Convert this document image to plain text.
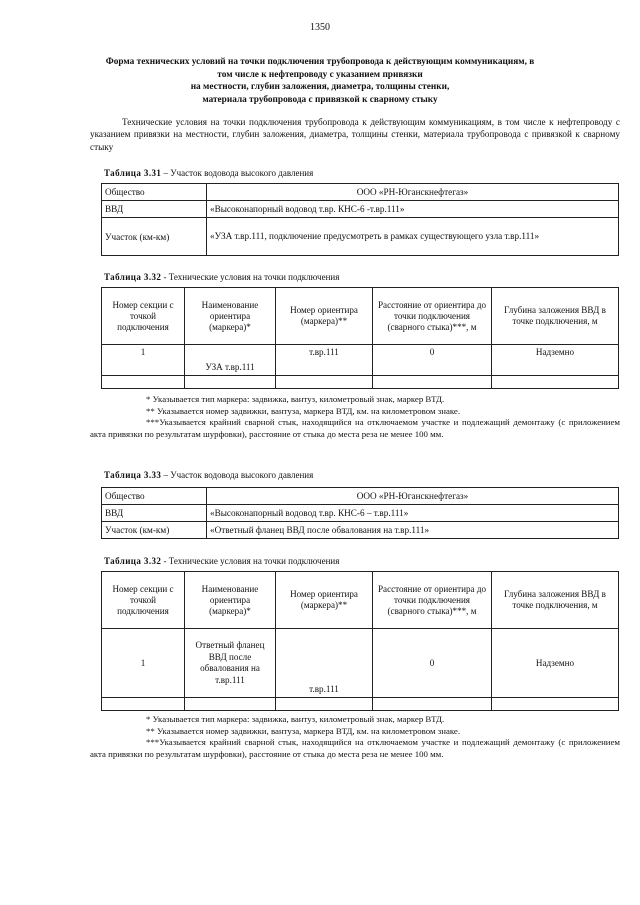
1350
Форма технических условий на точки подключения трубопровода к действующим коммуникациям, в
том числе к нефтепроводу с указанием привязки
на местности, глубин заложения, диаметра, толщины стенки,
материала трубопровода с привязкой к сварному стыку
Технические условия на точки подключения трубопровода к действующим коммуникациям, в том числе к нефтепроводу с указанием привязки на местности, глубин заложения, диаметра, толщины стенки, материала трубопровода с привязкой к сварному стыку
Таблица 3.31 – Участок водовода высокого давления
Общество	ООО «РН-Юганскнефтегаз»
ВВД	«Высоконапорный водовод т.вр. КНС-6 -т.вр.111»
Участок (км-км)	«УЗА т.вр.111, подключение предусмотреть в рамках существующего узла т.вр.111»
Таблица 3.32 - Технические условия на точки подключения
Номер секции с точкой подключения	Наименование ориентира (маркера)*	Номер ориентира (маркера)**	Расстояние от ориентира до точки подключения (сварного стыка)***, м	Глубина заложения ВВД в точке подключения, м
1	УЗА т.вр.111	т.вр.111	0	Надземно

* Указывается тип маркера: задвижка, вантуз, километровый знак, маркер ВТД.
** Указывается номер задвижки, вантуза, маркера ВТД, км. на километровом знаке.
***Указывается крайний сварной стык, находящийся на отключаемом участке и подлежащий демонтажу (с приложением акта привязки по результатам шурфовки), расстояние от стыка до места реза не менее 100 мм.
Таблица 3.33 – Участок водовода высокого давления
Общество	ООО «РН-Юганскнефтегаз»
ВВД	«Высоконапорный водовод т.вр. КНС-6 – т.вр.111»
Участок (км-км)	«Ответный фланец ВВД после обвалования на т.вр.111»
Таблица 3.32 - Технические условия на точки подключения
Номер секции с точкой подключения	Наименование ориентира (маркера)*	Номер ориентира (маркера)**	Расстояние от ориентира до точки подключения (сварного стыка)***, м	Глубина заложения ВВД в точке подключения, м
1	Ответный фланец ВВД после обвалования на т.вр.111	т.вр.111	0	Надземно

* Указывается тип маркера: задвижка, вантуз, километровый знак, маркер ВТД.
** Указывается номер задвижки, вантуза, маркера ВТД, км. на километровом знаке.
***Указывается крайний сварной стык, находящийся на отключаемом участке и подлежащий демонтажу (с приложением акта привязки по результатам шурфовки), расстояние от стыка до места реза не менее 100 мм.
